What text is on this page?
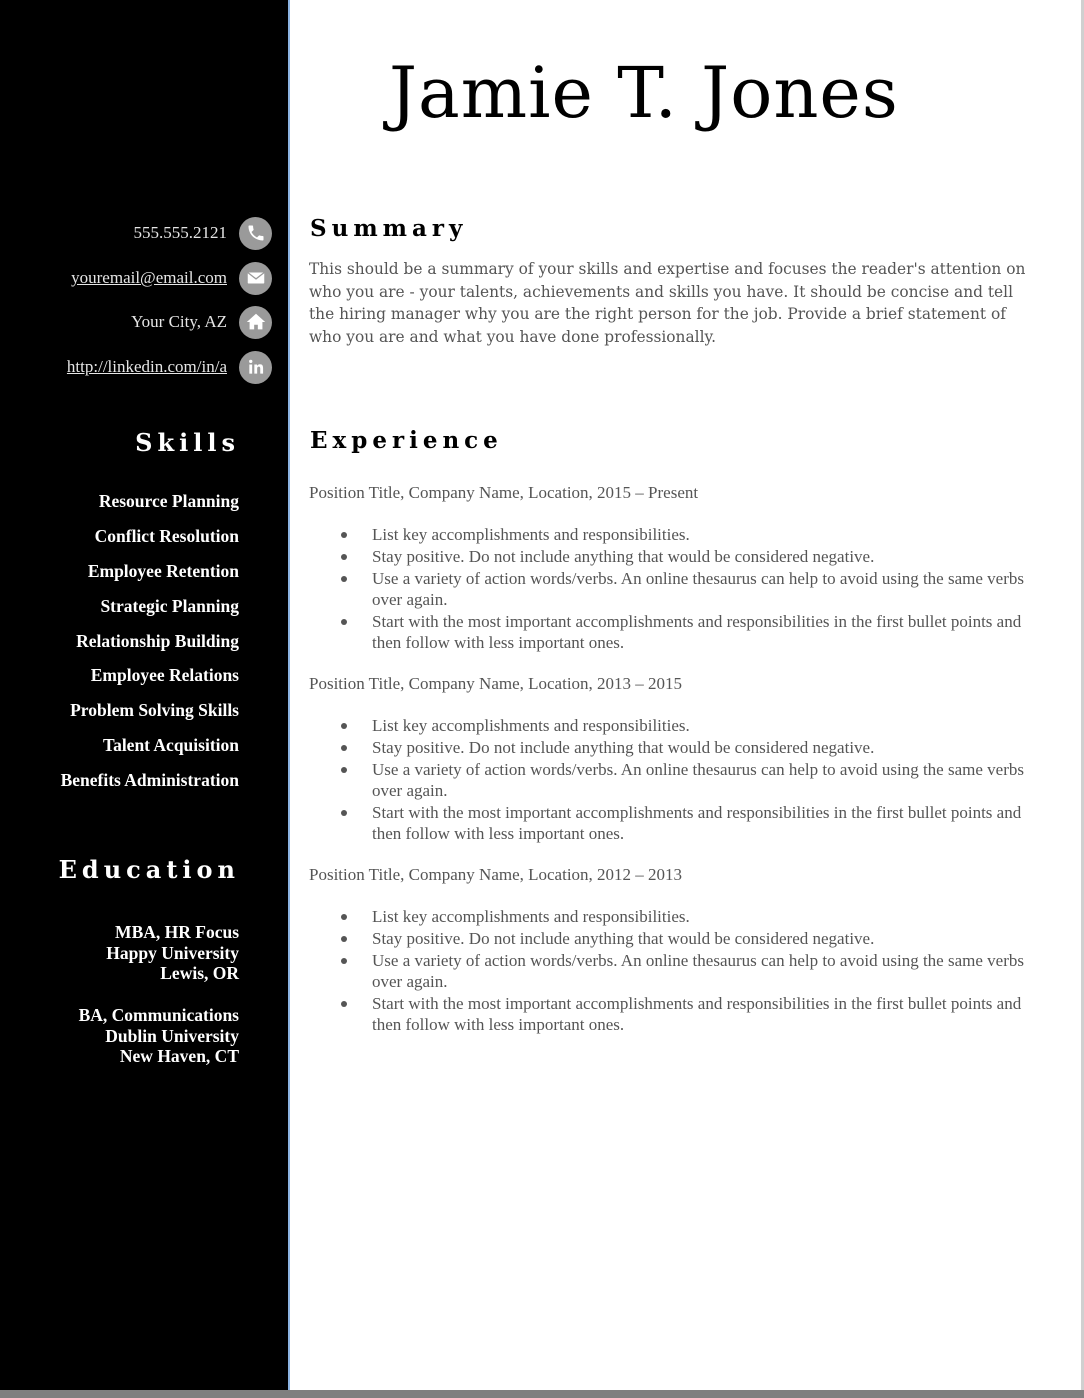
555.555.2121
youremail@email.com
Your City, AZ
http://linkedin.com/in/a
Skills
Resource Planning
Conflict Resolution
Employee Retention
Strategic Planning
Relationship Building
Employee Relations
Problem Solving Skills
Talent Acquisition
Benefits Administration
Education
MBA, HR Focus
Happy University
Lewis, OR
BA, Communications
Dublin University
New Haven, CT
Jamie T. Jones
Summary
This should be a summary of your skills and expertise and focuses the reader's attention on who you are - your talents, achievements and skills you have. It should be concise and tell the hiring manager why you are the right person for the job. Provide a brief statement of who you are and what you have done professionally.
Experience
Position Title, Company Name, Location, 2015 – Present
List key accomplishments and responsibilities.
Stay positive. Do not include anything that would be considered negative.
Use a variety of action words/verbs. An online thesaurus can help to avoid using the same verbs over again.
Start with the most important accomplishments and responsibilities in the first bullet points and then follow with less important ones.
Position Title, Company Name, Location, 2013 – 2015
List key accomplishments and responsibilities.
Stay positive. Do not include anything that would be considered negative.
Use a variety of action words/verbs. An online thesaurus can help to avoid using the same verbs over again.
Start with the most important accomplishments and responsibilities in the first bullet points and then follow with less important ones.
Position Title, Company Name, Location, 2012 – 2013
List key accomplishments and responsibilities.
Stay positive. Do not include anything that would be considered negative.
Use a variety of action words/verbs. An online thesaurus can help to avoid using the same verbs over again.
Start with the most important accomplishments and responsibilities in the first bullet points and then follow with less important ones.
